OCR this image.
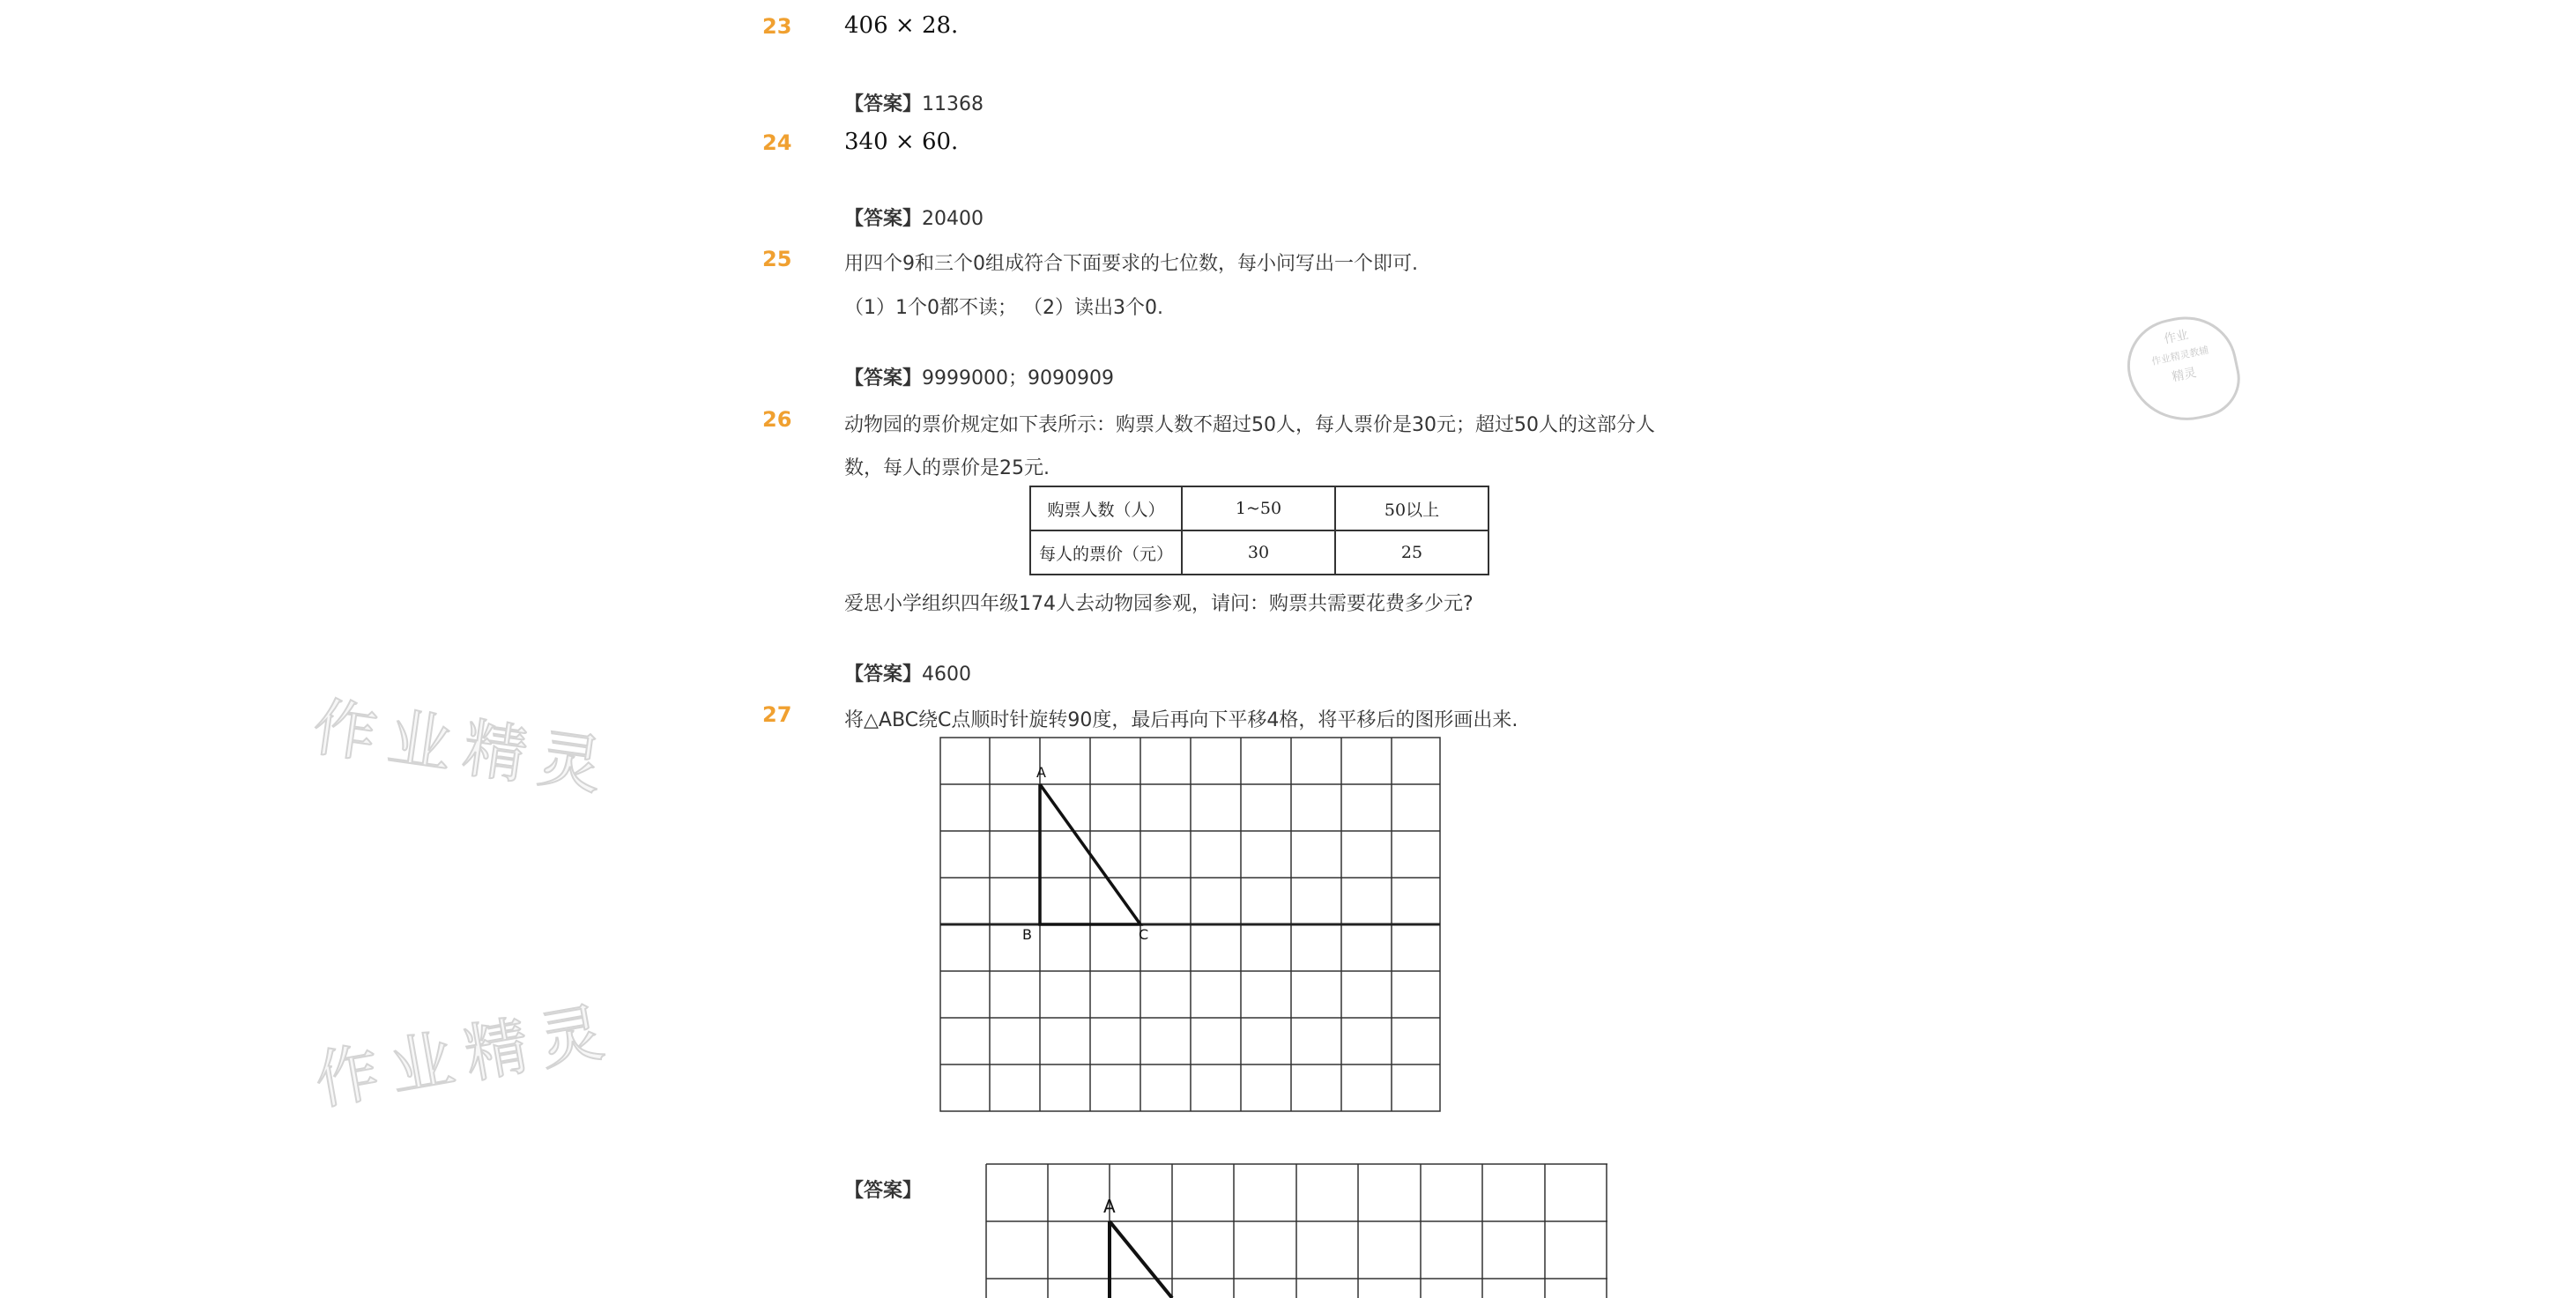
作业精灵
作业精灵
作业
作业精灵教辅
精灵
23 406 × 28.
【答案】11368
24 340 × 60.
【答案】20400
25	用四个9和三个0组成符合下面要求的七位数，每小问写出一个即可.
（1）1个0都不读； （2）读出3个0.
【答案】9999000；9090909
26	动物园的票价规定如下表所示：购票人数不超过50人，每人票价是30元；超过50人的这部分人
数，每人的票价是25元.
购票人数（人）	1~50	50以上
每人的票价（元）	30	25
爱思小学组织四年级174人去动物园参观，请问：购票共需要花费多少元?
【答案】4600
27	将△ABC绕C点顺时针旋转90度，最后再向下平移4格，将平移后的图形画出来.
A
B	C
【答案】
A
